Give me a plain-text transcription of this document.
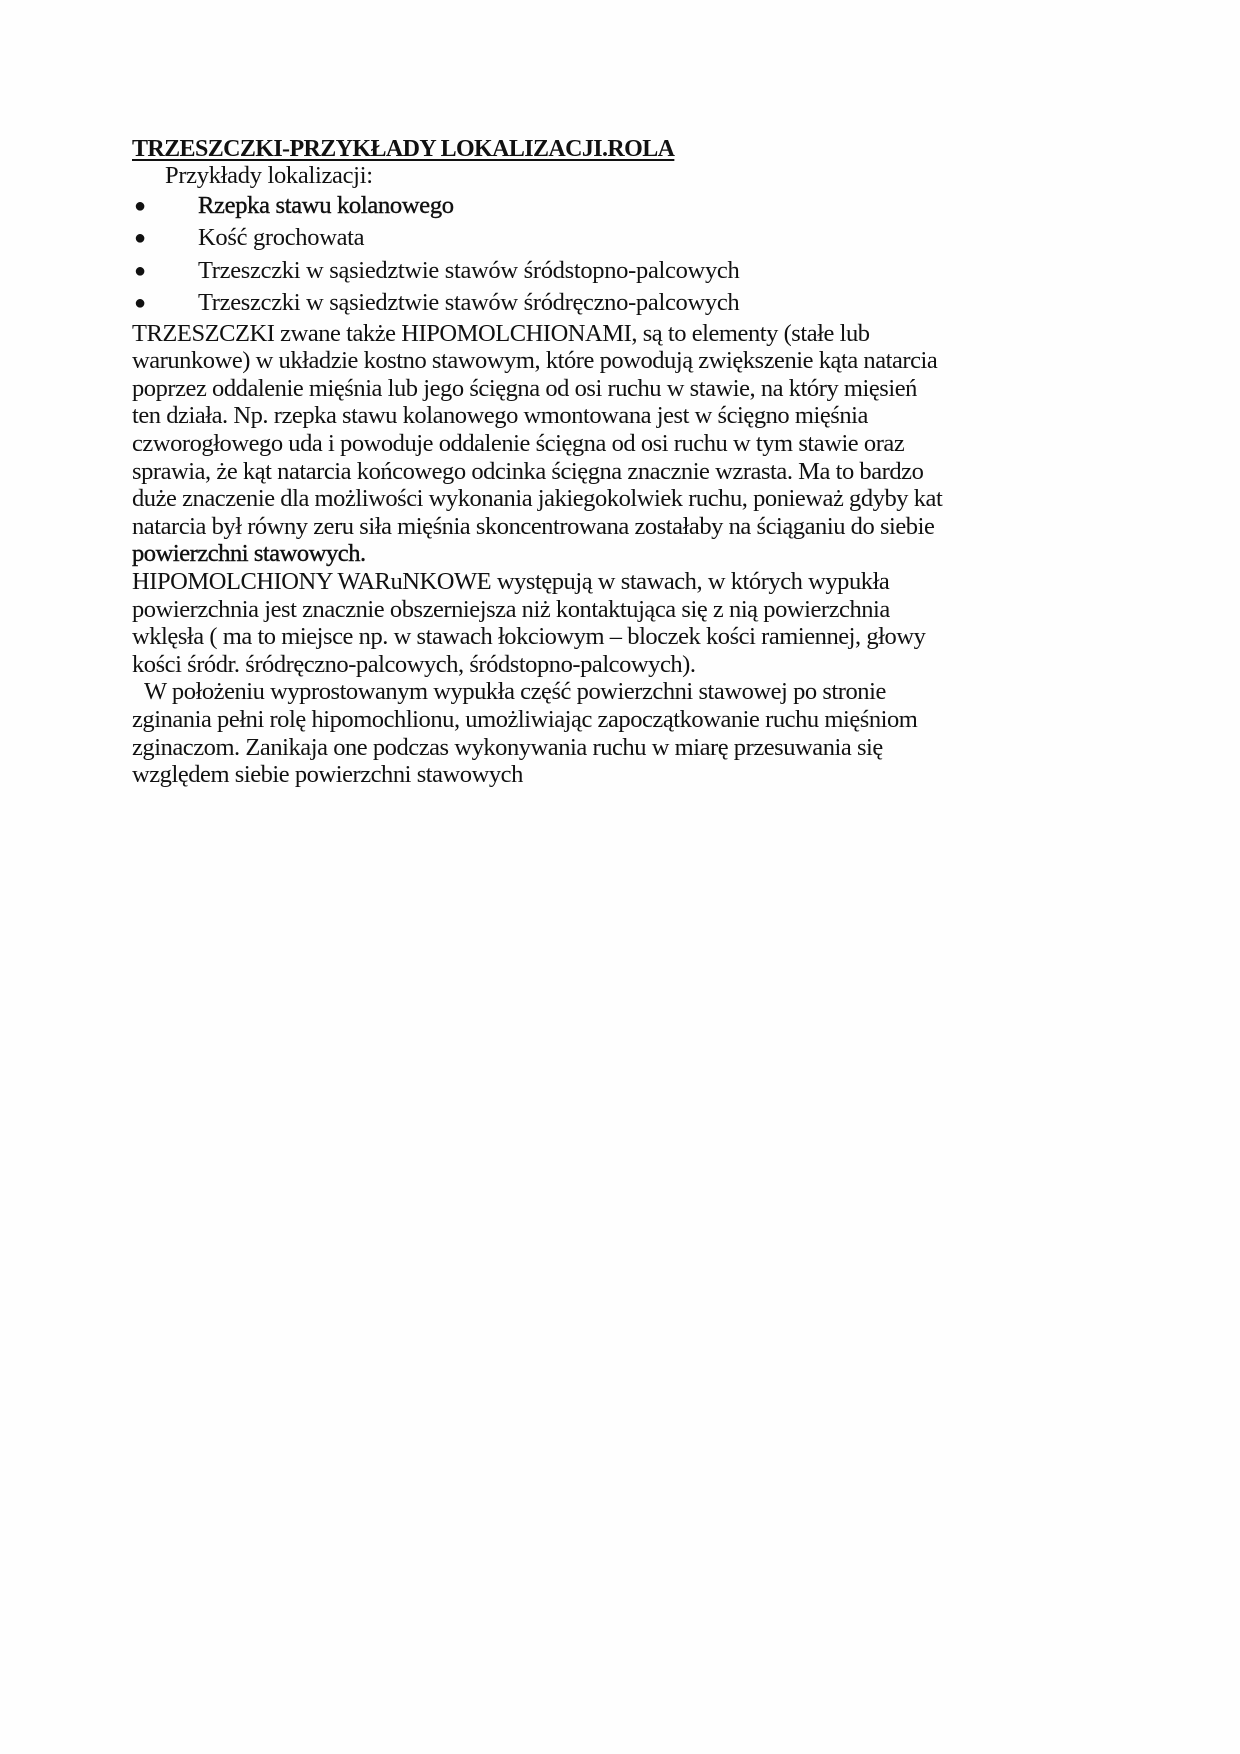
TRZESZCZKI-PRZYKŁADY LOKALIZACJI.ROLA

Przykłady lokalizacji:

● Rzepka stawu kolanowego
● Kość grochowata
● Trzeszczki w sąsiedztwie stawów śródstopno-palcowych
● Trzeszczki w sąsiedztwie stawów śródręczno-palcowych

TRZESZCZKI zwane także HIPOMOLCHIONAMI, są to elementy (stałe lub
warunkowe) w układzie kostno stawowym, które powodują zwiększenie kąta natarcia
poprzez oddalenie mięśnia lub jego ścięgna od osi ruchu w stawie, na który mięsień
ten działa. Np. rzepka stawu kolanowego wmontowana jest w ścięgno mięśnia
czworogłowego uda i powoduje oddalenie ścięgna od osi ruchu w tym stawie oraz
sprawia, że kąt natarcia końcowego odcinka ścięgna znacznie wzrasta. Ma to bardzo
duże znaczenie dla możliwości wykonania jakiegokolwiek ruchu, ponieważ gdyby kat
natarcia był równy zeru siła mięśnia skoncentrowana zostałaby na ściąganiu do siebie
powierzchni stawowych.

HIPOMOLCHIONY WARuNKOWE występują w stawach, w których wypukła
powierzchnia jest znacznie obszerniejsza niż kontaktująca się z nią powierzchnia
wklęsła ( ma to miejsce np. w stawach łokciowym – bloczek kości ramiennej, głowy
kości śródr. śródręczno-palcowych, śródstopno-palcowych).

W położeniu wyprostowanym wypukła część powierzchni stawowej po stronie
zginania pełni rolę hipomochlionu, umożliwiając zapoczątkowanie ruchu mięśniom
zginaczom. Zanikaja one podczas wykonywania ruchu w miarę przesuwania się
względem siebie powierzchni stawowych
